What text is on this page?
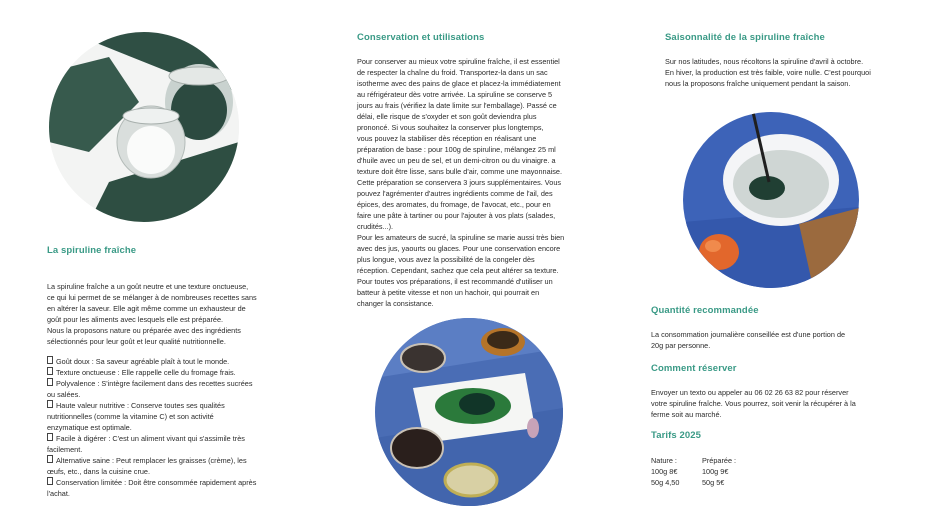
La spiruline fraîche

La spiruline fraîche a un goût neutre et une texture onctueuse,

ce qui lui permet de se mélanger à de nombreuses recettes sans

en altérer la saveur. Elle agit même comme un exhausteur de

goût pour les aliments avec lesquels elle est préparée.

Nous la proposons nature ou préparée avec des ingrédients

sélectionnés pour leur goût et leur qualité nutritionnelle.

Goût doux : Sa saveur agréable plaît à tout le monde.
Texture onctueuse : Elle rappelle celle du fromage frais.
Polyvalence : S'intègre facilement dans des recettes sucrées
ou salées.
Haute valeur nutritive : Conserve toutes ses qualités
nutritionnelles (comme la vitamine C) et son activité
enzymatique est optimale.
Facile à digérer : C'est un aliment vivant qui s'assimile très
facilement.
Alternative saine : Peut remplacer les graisses (crème), les
œufs, etc., dans la cuisine crue.
Conservation limitée : Doit être consommée rapidement après
l'achat.
Conservation et utilisations

Pour conserver au mieux votre spiruline fraîche, il est essentiel

de respecter la chaîne du froid. Transportez-la dans un sac

isotherme avec des pains de glace et placez-la immédiatement

au réfrigérateur dès votre arrivée. La spiruline se conserve 5

jours au frais (vérifiez la date limite sur l'emballage). Passé ce

délai, elle risque de s'oxyder et son goût deviendra plus

prononcé. Si vous souhaitez la conserver plus longtemps,

vous pouvez la stabiliser dès réception en réalisant une

préparation de base : pour 100g de spiruline, mélangez 25 ml

d'huile avec un peu de sel, et un demi-citron ou du vinaigre. a

texture doit être lisse, sans bulle d'air, comme une mayonnaise.

Cette préparation se conservera 3 jours supplémentaires. Vous

pouvez l'agrémenter d'autres ingrédients comme de l'ail, des

épices, des aromates, du fromage, de l'avocat, etc., pour en

faire une pâte à tartiner ou pour l'ajouter à vos plats (salades,

crudités...).

Pour les amateurs de sucré, la spiruline se marie aussi très bien

avec des jus, yaourts ou glaces. Pour une conservation encore

plus longue, vous avez la possibilité de la congeler dès

réception. Cependant, sachez que cela peut altérer sa texture.

Pour toutes vos préparations, il est recommandé d'utiliser un

batteur à petite vitesse et non un hachoir, qui pourrait en

changer la consistance.

Saisonnalité de la spiruline fraîche

Sur nos latitudes, nous récoltons la spiruline d'avril à octobre.

En hiver, la production est très faible, voire nulle. C'est pourquoi

nous la proposons fraîche uniquement pendant la saison.

Quantité recommandée

La consommation journalière conseillée est d'une portion de

20g par personne.

Comment réserver

Envoyer un texto ou appeler au 06 02 26 63 82 pour réserver

votre spiruline fraîche. Vous pourrez, soit venir la récupérer à la

ferme soit au marché.

Tarifs 2025
Nature :	Préparée :
100g 8€	100g 9€
50g 4,50	50g 5€
